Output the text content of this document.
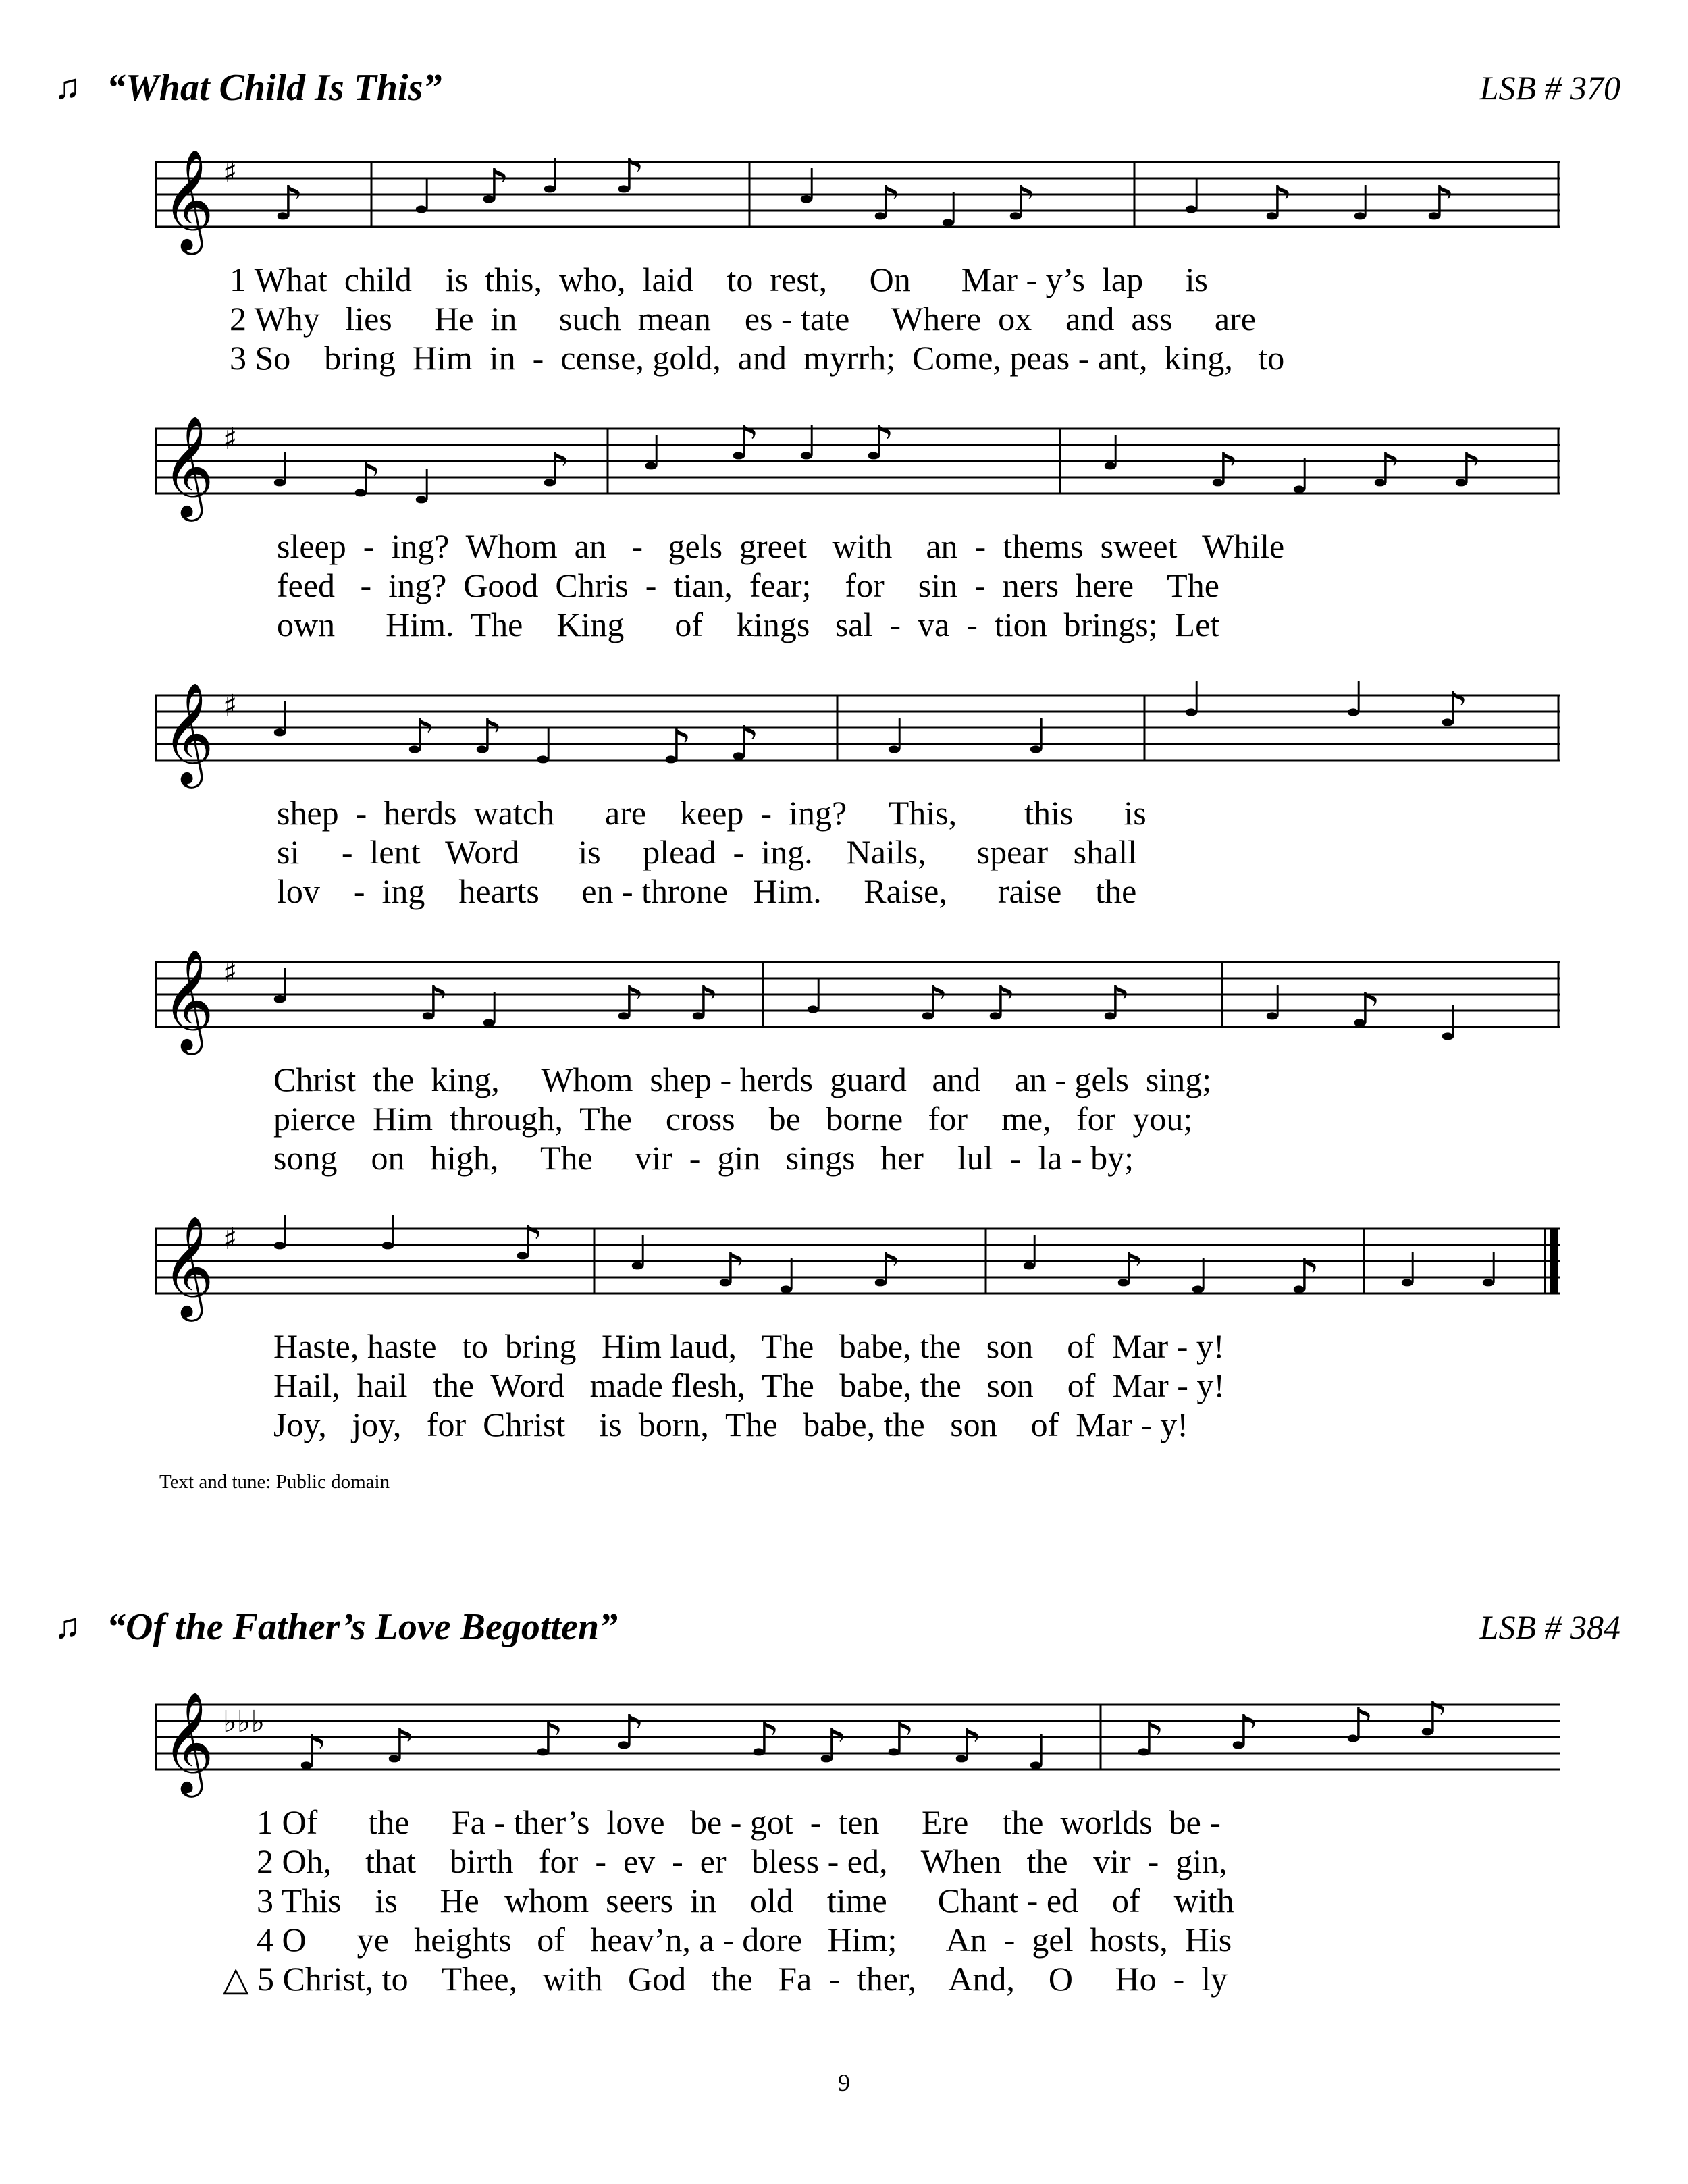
♫ “What Child Is This”	LSB # 370
𝄞 ♯
♪ ♩ ♪ ♩ ♪	♩ ♪ ♩ ♪	♩ ♪ ♩ ♪
1 What  child    is  this,  who,  laid    to  rest,     On      Mar - y’s  lap     is
2 Why   lies     He  in     such  mean    es - tate     Where  ox    and  ass     are
3 So    bring  Him  in  -  cense, gold,  and  myrrh;  Come, peas - ant,  king,   to
𝄞 ♯
♩ ♪ ♩ ♪ ♩ ♪ ♩ ♪	♩ ♪ ♩ ♪ ♪
sleep  -  ing?  Whom  an   -   gels  greet   with    an  -  thems  sweet   While
feed   -  ing?  Good  Chris  -  tian,  fear;    for    sin  -  ners  here    The
own      Him.  The    King      of    kings   sal  -  va  -  tion  brings;  Let
𝄞 ♯ ♩ ♪ ♪ ♩ ♪ ♪	♩	♩
♩	♩ ♪
shep  -  herds  watch      are    keep  -  ing?     This,        this      is
si     -  lent   Word       is     plead  -  ing.    Nails,      spear   shall
lov    -  ing    hearts     en - throne   Him.     Raise,      raise    the
𝄞 ♯ ♩	♪ ♩ ♪ ♪ ♩ ♪ ♪ ♪	♩ ♪ ♩
Christ  the  king,     Whom  shep - herds  guard   and    an - gels  sing;
pierce  Him  through,  The    cross    be   borne   for    me,   for  you;
song    on   high,     The     vir  -  gin   sings   her    lul  -  la - by;
𝄞 ♯ ♩ ♩ ♪ ♩ ♪ ♩ ♪	♩ ♪ ♩ ♪ ♩ ♩
Haste, haste   to  bring   Him laud,   The   babe, the   son    of  Mar - y!
Hail,  hail   the  Word   made flesh,  The   babe, the   son    of  Mar - y!
Joy,   joy,   for  Christ    is  born,  The   babe, the   son    of  Mar - y!
Text and tune: Public domain
♫ “Of the Father’s Love Begotten”	LSB # 384
𝄞 ♭♭♭
♪ ♪	♪ ♪ ♪ ♪ ♪ ♪ ♩ ♪ ♪ ♪ ♪
1 Of      the     Fa - ther’s  love   be - got  -  ten     Ere    the  worlds  be -
2 Oh,    that    birth   for  -  ev  -  er   bless - ed,    When   the   vir  -  gin,
3 This    is     He   whom  seers  in    old    time      Chant - ed    of    with
4 O      ye   heights   of   heav’n, a - dore   Him;      An  -  gel  hosts,  His
△ 5 Christ, to    Thee,   with   God   the   Fa  -  ther,    And,    O     Ho  -  ly
9
